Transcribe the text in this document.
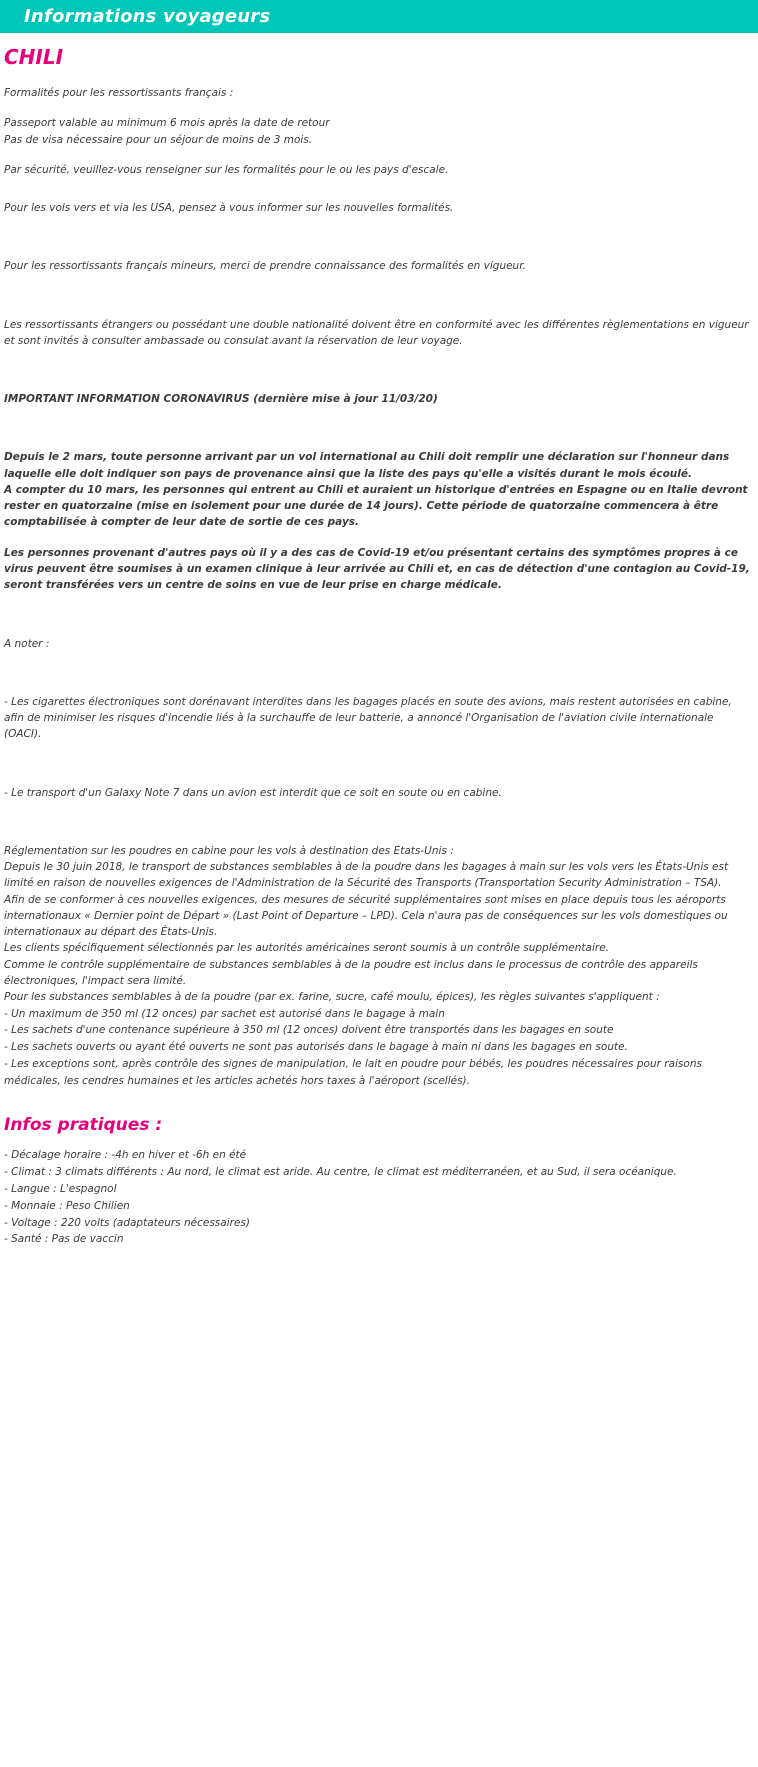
Informations voyageurs
CHILI

Formalités pour les ressortissants français :

Passeport valable au minimum 6 mois après la date de retour

Pas de visa nécessaire pour un séjour de moins de 3 mois.

Par sécurité, veuillez-vous renseigner sur les formalités pour le ou les pays d'escale.

Pour les vols vers et via les USA, pensez à vous informer sur les nouvelles formalités.

Pour les ressortissants français mineurs, merci de prendre connaissance des formalités en vigueur.

Les ressortissants étrangers ou possédant une double nationalité doivent être en conformité avec les différentes règlementations en vigueur et sont invités à consulter ambassade ou consulat avant la réservation de leur voyage.

IMPORTANT INFORMATION CORONAVIRUS (dernière mise à jour 11/03/20)

Depuis le 2 mars, toute personne arrivant par un vol international au Chili doit remplir une déclaration sur l'honneur dans laquelle elle doit indiquer son pays de provenance ainsi que la liste des pays qu'elle a visités durant le mois écoulé.

A compter du 10 mars, les personnes qui entrent au Chili et auraient un historique d'entrées en Espagne ou en Italie devront rester en quatorzaine (mise en isolement pour une durée de 14 jours). Cette période de quatorzaine commencera à être comptabilisée à compter de leur date de sortie de ces pays.

Les personnes provenant d'autres pays où il y a des cas de Covid-19 et/ou présentant certains des symptômes propres à ce virus peuvent être soumises à un examen clinique à leur arrivée au Chili et, en cas de détection d'une contagion au Covid-19, seront transférées vers un centre de soins en vue de leur prise en charge médicale.

A noter :

- Les cigarettes électroniques sont dorénavant interdites dans les bagages placés en soute des avions, mais restent autorisées en cabine, afin de minimiser les risques d'incendie liés à la surchauffe de leur batterie, a annoncé l'Organisation de l'aviation civile internationale (OACI).

- Le transport d'un Galaxy Note 7 dans un avion est interdit que ce soit en soute ou en cabine.

Réglementation sur les poudres en cabine pour les vols à destination des Etats-Unis :

Depuis le 30 juin 2018, le transport de substances semblables à de la poudre dans les bagages à main sur les vols vers les États-Unis est limité en raison de nouvelles exigences de l'Administration de la Sécurité des Transports (Transportation Security Administration – TSA).

Afin de se conformer à ces nouvelles exigences, des mesures de sécurité supplémentaires sont mises en place depuis tous les aéroports internationaux « Dernier point de Départ » (Last Point of Departure – LPD). Cela n'aura pas de conséquences sur les vols domestiques ou internationaux au départ des États-Unis.

Les clients spécifiquement sélectionnés par les autorités américaines seront soumis à un contrôle supplémentaire.

Comme le contrôle supplémentaire de substances semblables à de la poudre est inclus dans le processus de contrôle des appareils électroniques, l'impact sera limité.

Pour les substances semblables à de la poudre (par ex. farine, sucre, café moulu, épices), les règles suivantes s'appliquent :

- Un maximum de 350 ml (12 onces) par sachet est autorisé dans le bagage à main

- Les sachets d'une contenance supérieure à 350 ml (12 onces) doivent être transportés dans les bagages en soute

- Les sachets ouverts ou ayant été ouverts ne sont pas autorisés dans le bagage à main ni dans les bagages en soute.

- Les exceptions sont, après contrôle des signes de manipulation, le lait en poudre pour bébés, les poudres nécessaires pour raisons médicales, les cendres humaines et les articles achetés hors taxes à l'aéroport (scellés).

Infos pratiques :

- Décalage horaire : -4h en hiver et -6h en été

- Climat : 3 climats différents : Au nord, le climat est aride. Au centre, le climat est méditerranéen, et au Sud, il sera océanique.

- Langue : L'espagnol

- Monnaie : Peso Chilien

- Voltage : 220 volts (adaptateurs nécessaires)

- Santé : Pas de vaccin
